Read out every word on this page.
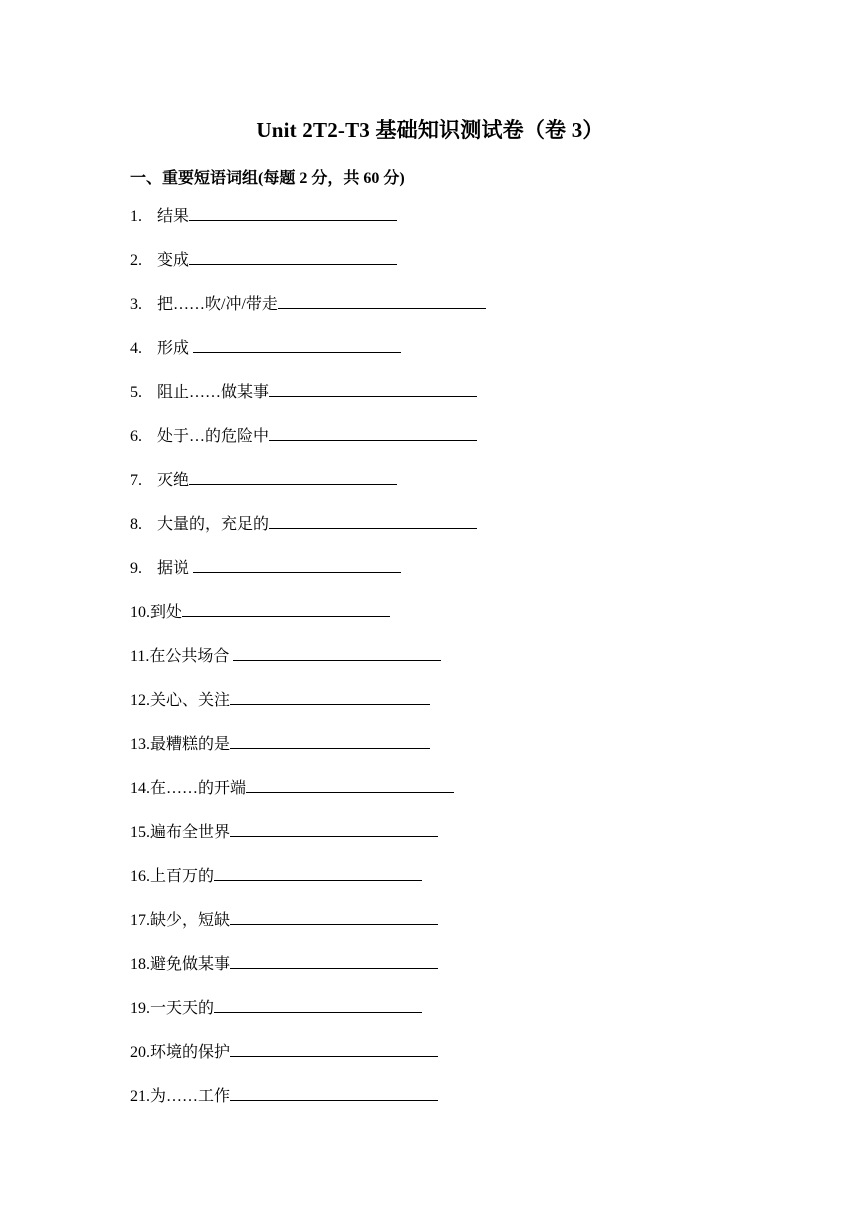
Unit 2T2-T3 基础知识测试卷（卷 3）
一、重要短语词组(每题 2 分，共 60 分)
1. 结果
2. 变成
3. 把……吹/冲/带走
4. 形成
5. 阻止……做某事
6. 处于…的危险中
7. 灭绝
8. 大量的，充足的
9. 据说
10.到处
11.在公共场合
12.关心、关注
13.最糟糕的是
14.在……的开端
15.遍布全世界
16.上百万的
17.缺少，短缺
18.避免做某事
19.一天天的
20.环境的保护
21.为……工作
